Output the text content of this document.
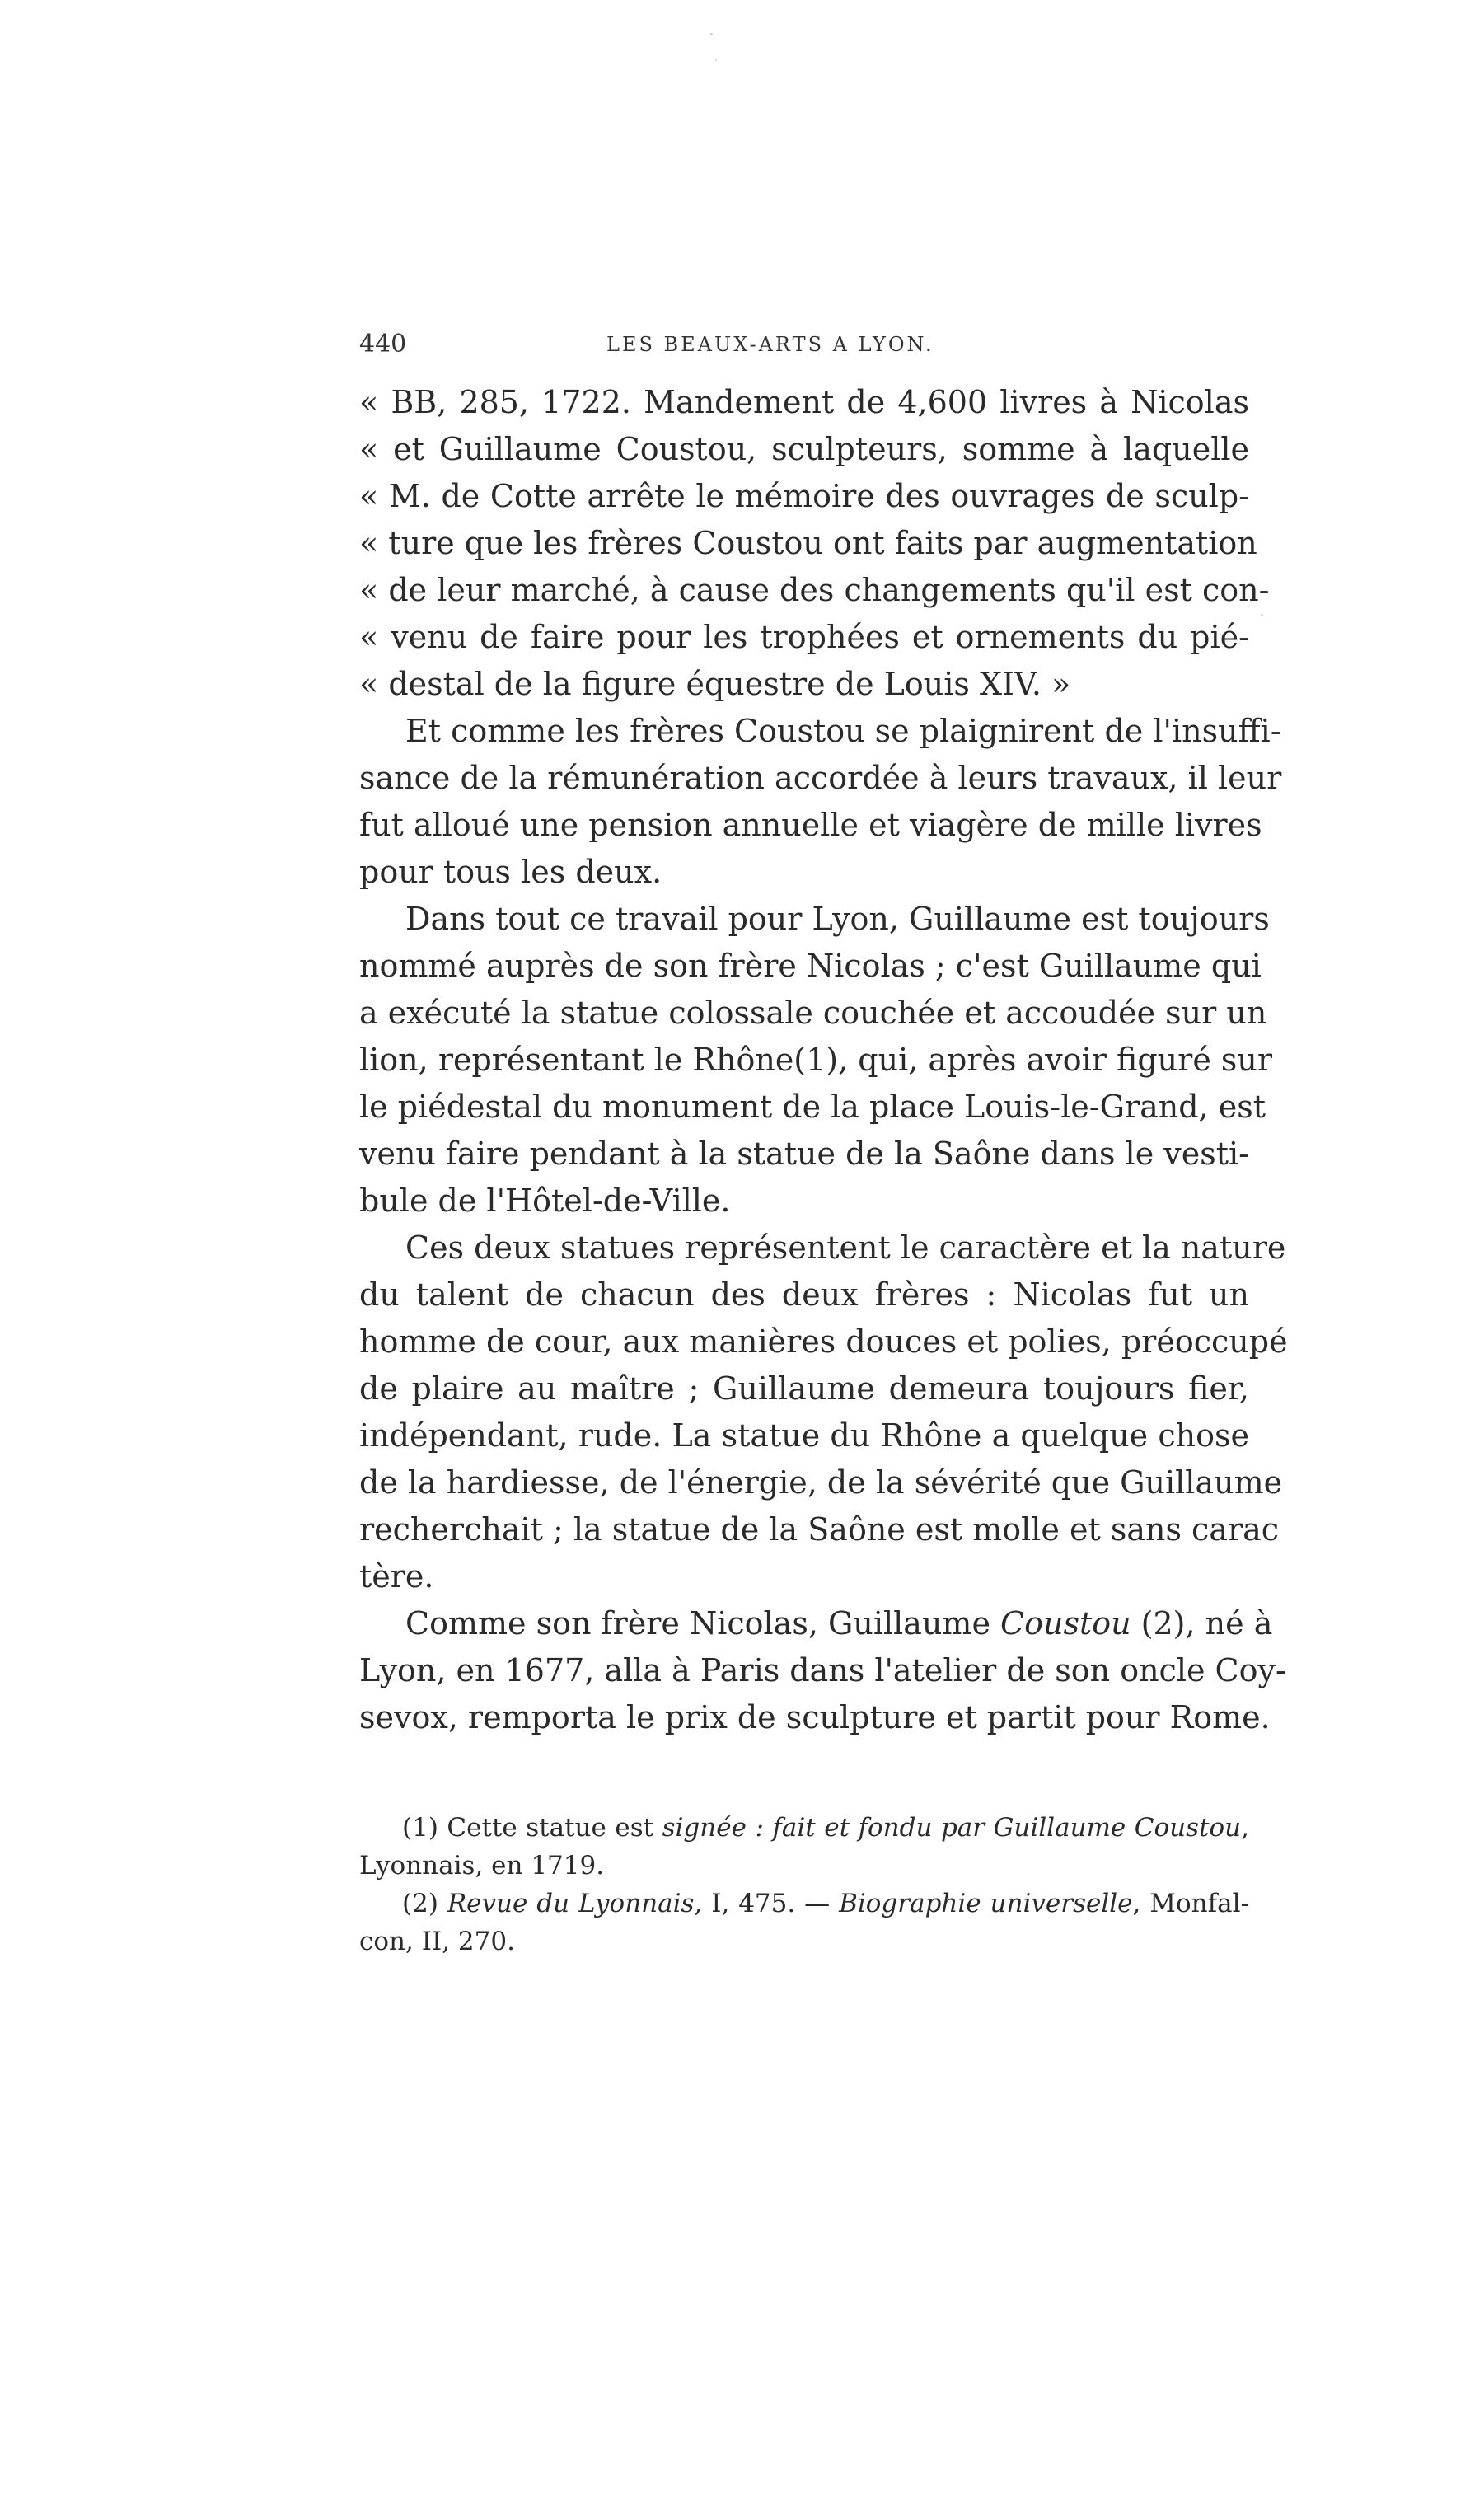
440	LES BEAUX-ARTS A LYON.
« BB, 285, 1722. Mandement de 4,600 livres à Nicolas
« et Guillaume Coustou, sculpteurs, somme à laquelle
« M. de Cotte arrête le mémoire des ouvrages de sculp-
« ture que les frères Coustou ont faits par augmentation
« de leur marché, à cause des changements qu'il est con-
« venu de faire pour les trophées et ornements du pié-
« destal de la figure équestre de Louis XIV. »
Et comme les frères Coustou se plaignirent de l'insuffi-
sance de la rémunération accordée à leurs travaux, il leur
fut alloué une pension annuelle et viagère de mille livres
pour tous les deux.
Dans tout ce travail pour Lyon, Guillaume est toujours
nommé auprès de son frère Nicolas ; c'est Guillaume qui
a exécuté la statue colossale couchée et accoudée sur un
lion, représentant le Rhône(1), qui, après avoir figuré sur
le piédestal du monument de la place Louis-le-Grand, est
venu faire pendant à la statue de la Saône dans le vesti-
bule de l'Hôtel-de-Ville.
Ces deux statues représentent le caractère et la nature
du talent de chacun des deux frères : Nicolas fut un
homme de cour, aux manières douces et polies, préoccupé
de plaire au maître ; Guillaume demeura toujours fier,
indépendant, rude. La statue du Rhône a quelque chose
de la hardiesse, de l'énergie, de la sévérité que Guillaume
recherchait ; la statue de la Saône est molle et sans carac
tère.
Comme son frère Nicolas, Guillaume Coustou (2), né à
Lyon, en 1677, alla à Paris dans l'atelier de son oncle Coy-
sevox, remporta le prix de sculpture et partit pour Rome.
(1) Cette statue est signée : fait et fondu par Guillaume Coustou,
Lyonnais, en 1719.
(2) Revue du Lyonnais, I, 475. — Biographie universelle, Monfal-
con, II, 270.
